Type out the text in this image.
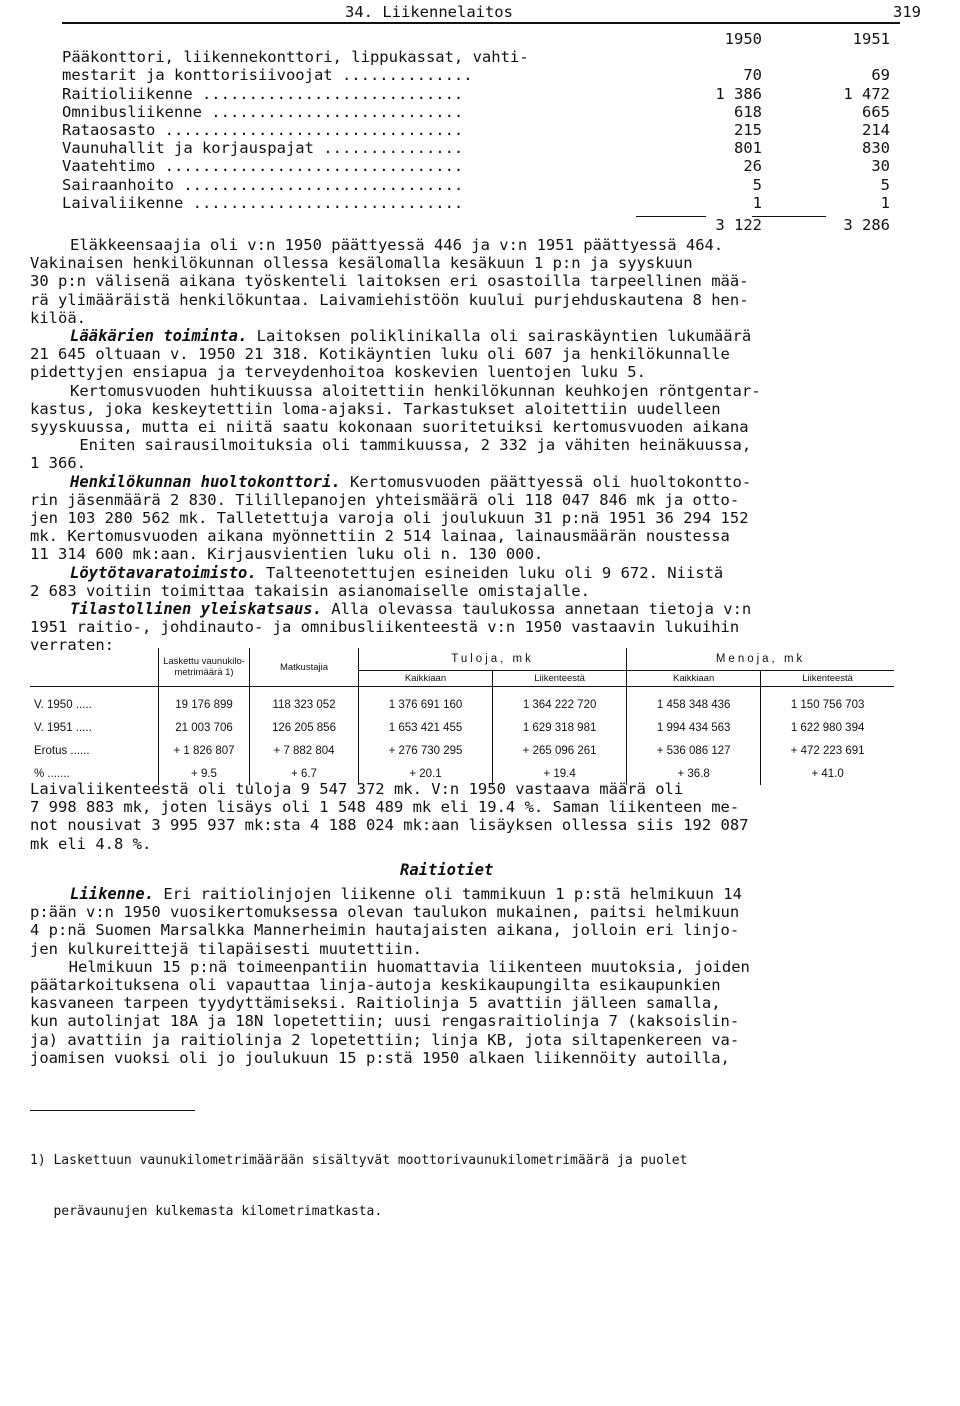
34. Liikennelaitos	319
1950	1951
Pääkonttori, liikennekonttori, lippukassat, vahti-
mestarit ja konttorisiivoojat ..............	70	69
Raitioliikenne ............................	1 386	1 472
Omnibusliikenne ...........................	618	665
Rataosasto ................................	215	214
Vaunuhallit ja korjauspajat ...............	801	830
Vaatehtimo ................................	26	30
Sairaanhoito ..............................	5	5
Laivaliikenne .............................	1	1
3 122	3 286
Eläkkeensaajia oli v:n 1950 päättyessä 446 ja v:n 1951 päättyessä 464.
Vakinaisen henkilökunnan ollessa kesälomalla kesäkuun 1 p:n ja syyskuun
30 p:n välisenä aikana työskenteli laitoksen eri osastoilla tarpeellinen mää-
rä ylimääräistä henkilökuntaa. Laivamiehistöön kuului purjehduskautena 8 hen-
kilöä.
Lääkärien toiminta. Laitoksen poliklinikalla oli sairaskäyntien lukumäärä
21 645 oltuaan v. 1950 21 318. Kotikäyntien luku oli 607 ja henkilökunnalle
pidettyjen ensiapua ja terveydenhoitoa koskevien luentojen luku 5.
Kertomusvuoden huhtikuussa aloitettiin henkilökunnan keuhkojen röntgentar-
kastus, joka keskeytettiin loma-ajaksi. Tarkastukset aloitettiin uudelleen
syyskuussa, mutta ei niitä saatu kokonaan suoritetuiksi kertomusvuoden aikana
Eniten sairausilmoituksia oli tammikuussa, 2 332 ja vähiten heinäkuussa,
1 366.
Henkilökunnan huoltokonttori. Kertomusvuoden päättyessä oli huoltokontto-
rin jäsenmäärä 2 830. Tilillepanojen yhteismäärä oli 118 047 846 mk ja otto-
jen 103 280 562 mk. Talletettuja varoja oli joulukuun 31 p:nä 1951 36 294 152
mk. Kertomusvuoden aikana myönnettiin 2 514 lainaa, lainausmäärän noustessa
11 314 600 mk:aan. Kirjausvientien luku oli n. 130 000.
Löytötavaratoimisto. Talteenotettujen esineiden luku oli 9 672. Niistä
2 683 voitiin toimittaa takaisin asianomaiselle omistajalle.
Tilastollinen yleiskatsaus. Alla olevassa taulukossa annetaan tietoja v:n
1951 raitio-, johdinauto- ja omnibusliikenteestä v:n 1950 vastaavin lukuihin
verraten:
	Laskettu vaunukilo- metrimäärä 1)	Matkustajia	Tuloja, mk		Menoja, mk	
			Kaikkiaan	Liikenteestä	Kaikkiaan	Liikenteestä
V. 1950 .....	19 176 899	118 323 052	1 376 691 160	1 364 222 720	1 458 348 436	1 150 756 703
V. 1951 .....	21 003 706	126 205 856	1 653 421 455	1 629 318 981	1 994 434 563	1 622 980 394
Erotus ......	+ 1 826 807	+ 7 882 804	+ 276 730 295	+ 265 096 261	+ 536 086 127	+ 472 223 691
% .......	+ 9.5	+ 6.7	+ 20.1	+ 19.4	+ 36.8	+ 41.0
Laivaliikenteestä oli tuloja 9 547 372 mk. V:n 1950 vastaava määrä oli
7 998 883 mk, joten lisäys oli 1 548 489 mk eli 19.4 %. Saman liikenteen me-
not nousivat 3 995 937 mk:sta 4 188 024 mk:aan lisäyksen ollessa siis 192 087
mk eli 4.8 %.
Raitiotiet
Liikenne. Eri raitiolinjojen liikenne oli tammikuun 1 p:stä helmikuun 14
p:ään v:n 1950 vuosikertomuksessa olevan taulukon mukainen, paitsi helmikuun
4 p:nä Suomen Marsalkka Mannerheimin hautajaisten aikana, jolloin eri linjo-
jen kulkureittejä tilapäisesti muutettiin.
Helmikuun 15 p:nä toimeenpantiin huomattavia liikenteen muutoksia, joiden
päätarkoituksena oli vapauttaa linja-autoja keskikaupungilta esikaupunkien
kasvaneen tarpeen tyydyttämiseksi. Raitiolinja 5 avattiin jälleen samalla,
kun autolinjat 18A ja 18N lopetettiin; uusi rengasraitiolinja 7 (kaksoislin-
ja) avattiin ja raitiolinja 2 lopetettiin; linja KB, jota siltapenkereen va-
joamisen vuoksi oli jo joulukuun 15 p:stä 1950 alkaen liikennöity autoilla,

1) Laskettuun vaunukilometrimäärään sisältyvät moottorivaunukilometrimäärä ja puolet

perävaunujen kulkemasta kilometrimatkasta.
